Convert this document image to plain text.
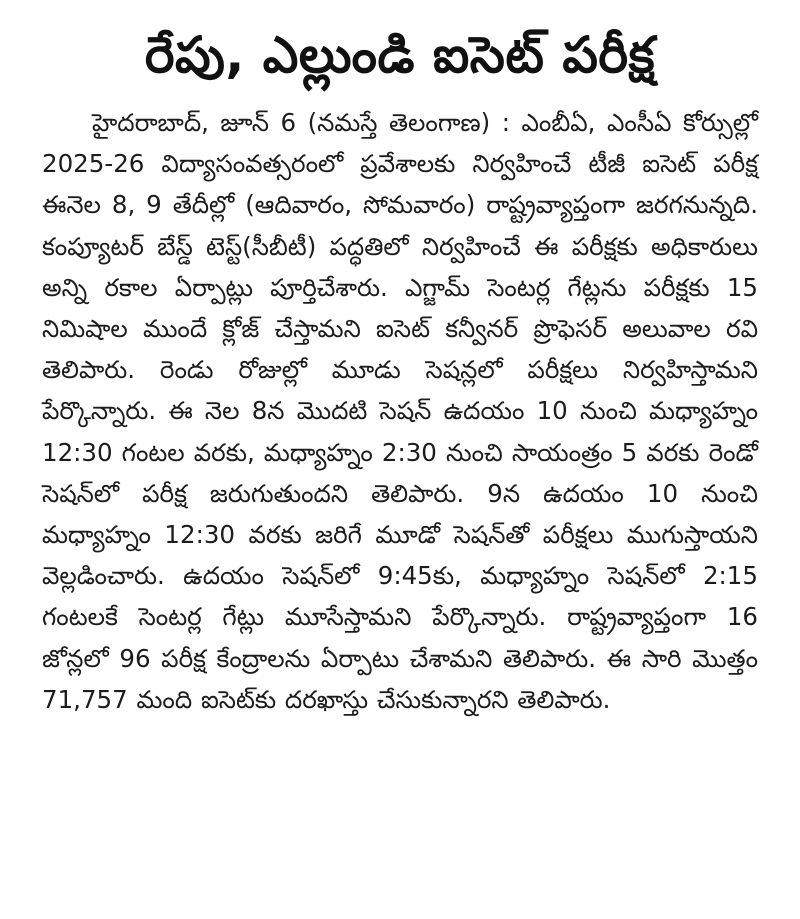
రేపు, ఎల్లుండి ఐసెట్ పరీక్ష

హైదరాబాద్, జూన్ 6 (నమస్తే తెలంగాణ) : ఎంబీఏ, ఎంసీఏ కోర్సుల్లో 2025-26 విద్యాసంవత్సరంలో ప్రవేశాలకు నిర్వహించే టీజీ ఐసెట్ పరీక్ష ఈనెల 8, 9 తేదీల్లో (ఆదివారం, సోమవారం) రాష్ట్రవ్యాప్తంగా జరగనున్నది. కంప్యూటర్ బేస్డ్ టెస్ట్(సీబీటీ) పద్ధతిలో నిర్వహించే ఈ పరీక్షకు అధికారులు అన్ని రకాల ఏర్పాట్లు పూర్తిచేశారు. ఎగ్జామ్ సెంటర్ల గేట్లను పరీక్షకు 15 నిమిషాల ముందే క్లోజ్ చేస్తామని ఐసెట్ కన్వీనర్ ప్రొఫెసర్ అలువాల రవి తెలిపారు. రెండు రోజుల్లో మూడు సెషన్లలో పరీక్షలు నిర్వహిస్తామని పేర్కొన్నారు. ఈ నెల 8న మొదటి సెషన్ ఉదయం 10 నుంచి మధ్యాహ్నం 12:30 గంటల వరకు, మధ్యాహ్నం 2:30 నుంచి సాయంత్రం 5 వరకు రెండో సెషన్‌లో పరీక్ష జరుగుతుందని తెలిపారు. 9న ఉదయం 10 నుంచి మధ్యాహ్నం 12:30 వరకు జరిగే మూడో సెషన్‌తో పరీక్షలు ముగుస్తాయని వెల్లడించారు. ఉదయం సెషన్‌లో 9:45కు, మధ్యాహ్నం సెషన్‌లో 2:15 గంటలకే సెంటర్ల గేట్లు మూసేస్తామని పేర్కొన్నారు. రాష్ట్రవ్యాప్తంగా 16 జోన్లలో 96 పరీక్ష కేంద్రాలను ఏర్పాటు చేశామని తెలిపారు. ఈ సారి మొత్తం 71,757 మంది ఐసెట్‌కు దరఖాస్తు చేసుకున్నారని తెలిపారు.
